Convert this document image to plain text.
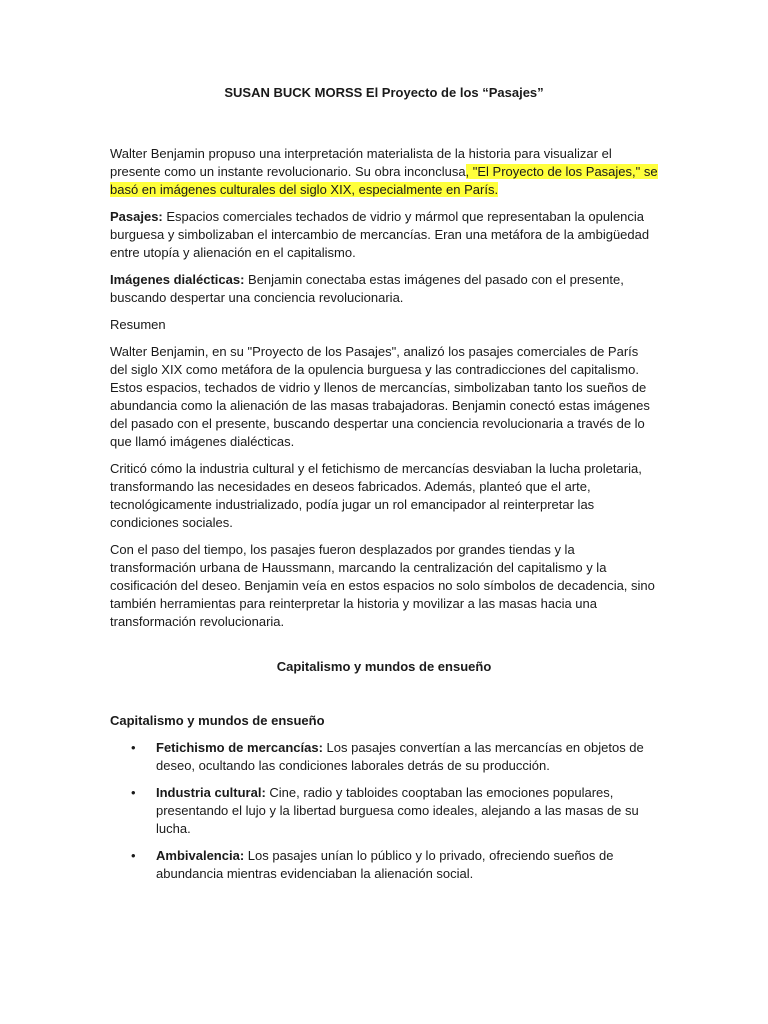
SUSAN BUCK MORSS El Proyecto de los “Pasajes”

Walter Benjamin propuso una interpretación materialista de la historia para visualizar el presente como un instante revolucionario. Su obra inconclusa, "El Proyecto de los Pasajes," se basó en imágenes culturales del siglo XIX, especialmente en París.

Pasajes: Espacios comerciales techados de vidrio y mármol que representaban la opulencia burguesa y simbolizaban el intercambio de mercancías. Eran una metáfora de la ambigüedad entre utopía y alienación en el capitalismo.

Imágenes dialécticas: Benjamin conectaba estas imágenes del pasado con el presente, buscando despertar una conciencia revolucionaria.

Resumen

Walter Benjamin, en su "Proyecto de los Pasajes", analizó los pasajes comerciales de París del siglo XIX como metáfora de la opulencia burguesa y las contradicciones del capitalismo. Estos espacios, techados de vidrio y llenos de mercancías, simbolizaban tanto los sueños de abundancia como la alienación de las masas trabajadoras. Benjamin conectó estas imágenes del pasado con el presente, buscando despertar una conciencia revolucionaria a través de lo que llamó imágenes dialécticas.

Criticó cómo la industria cultural y el fetichismo de mercancías desviaban la lucha proletaria, transformando las necesidades en deseos fabricados. Además, planteó que el arte, tecnológicamente industrializado, podía jugar un rol emancipador al reinterpretar las condiciones sociales.

Con el paso del tiempo, los pasajes fueron desplazados por grandes tiendas y la transformación urbana de Haussmann, marcando la centralización del capitalismo y la cosificación del deseo. Benjamin veía en estos espacios no solo símbolos de decadencia, sino también herramientas para reinterpretar la historia y movilizar a las masas hacia una transformación revolucionaria.

Capitalismo y mundos de ensueño
Capitalismo y mundos de ensueño
• Fetichismo de mercancías: Los pasajes convertían a las mercancías en objetos de deseo, ocultando las condiciones laborales detrás de su producción.
• Industria cultural: Cine, radio y tabloides cooptaban las emociones populares, presentando el lujo y la libertad burguesa como ideales, alejando a las masas de su lucha.
• Ambivalencia: Los pasajes unían lo público y lo privado, ofreciendo sueños de abundancia mientras evidenciaban la alienación social.
